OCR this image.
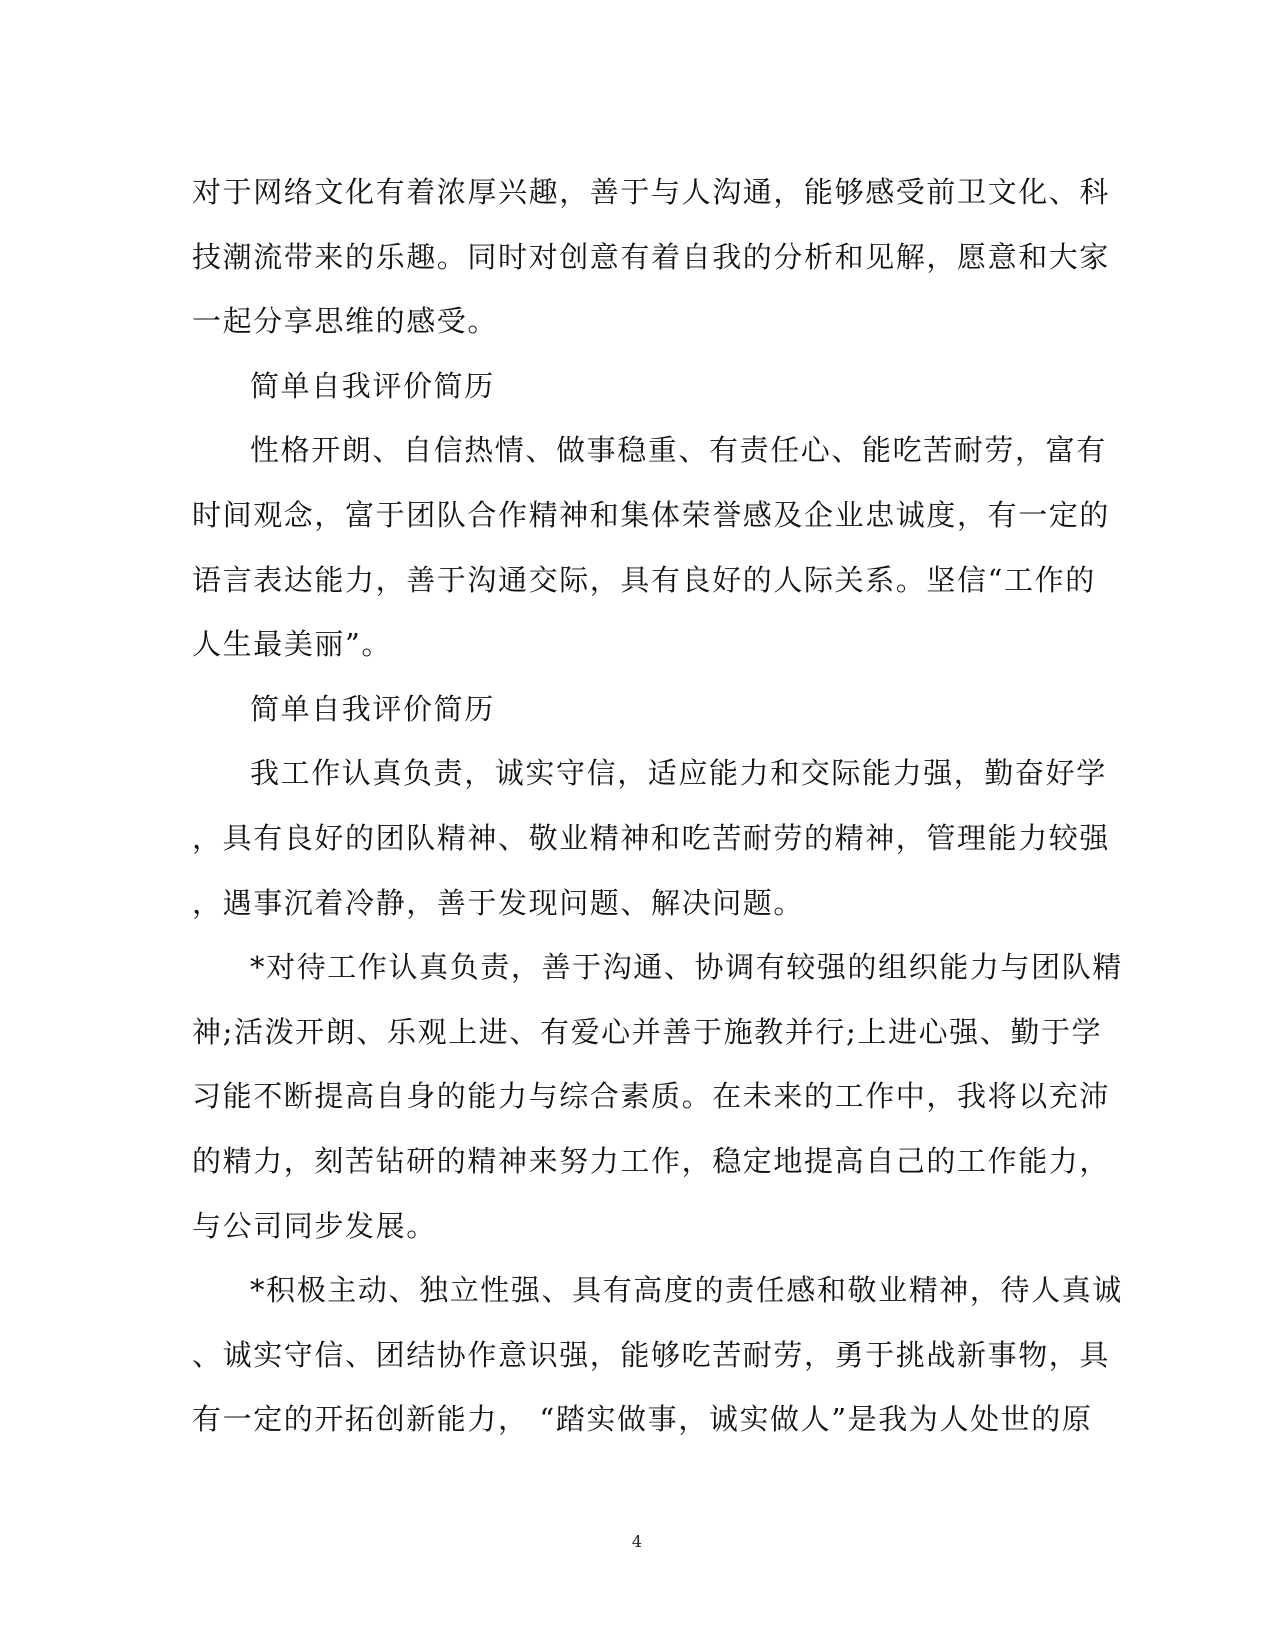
对于网络文化有着浓厚兴趣，善于与人沟通，能够感受前卫文化、科
技潮流带来的乐趣。同时对创意有着自我的分析和见解，愿意和大家
一起分享思维的感受。
简单自我评价简历
性格开朗、自信热情、做事稳重、有责任心、能吃苦耐劳，富有
时间观念，富于团队合作精神和集体荣誉感及企业忠诚度，有一定的
语言表达能力，善于沟通交际，具有良好的人际关系。坚信“工作的
人生最美丽”。
简单自我评价简历
我工作认真负责，诚实守信，适应能力和交际能力强，勤奋好学
，具有良好的团队精神、敬业精神和吃苦耐劳的精神，管理能力较强
，遇事沉着冷静，善于发现问题、解决问题。
*对待工作认真负责，善于沟通、协调有较强的组织能力与团队精
神;活泼开朗、乐观上进、有爱心并善于施教并行;上进心强、勤于学
习能不断提高自身的能力与综合素质。在未来的工作中，我将以充沛
的精力，刻苦钻研的精神来努力工作，稳定地提高自己的工作能力，
与公司同步发展。
*积极主动、独立性强、具有高度的责任感和敬业精神，待人真诚
、诚实守信、团结协作意识强，能够吃苦耐劳，勇于挑战新事物，具
有一定的开拓创新能力， “踏实做事，诚实做人”是我为人处世的原
4
